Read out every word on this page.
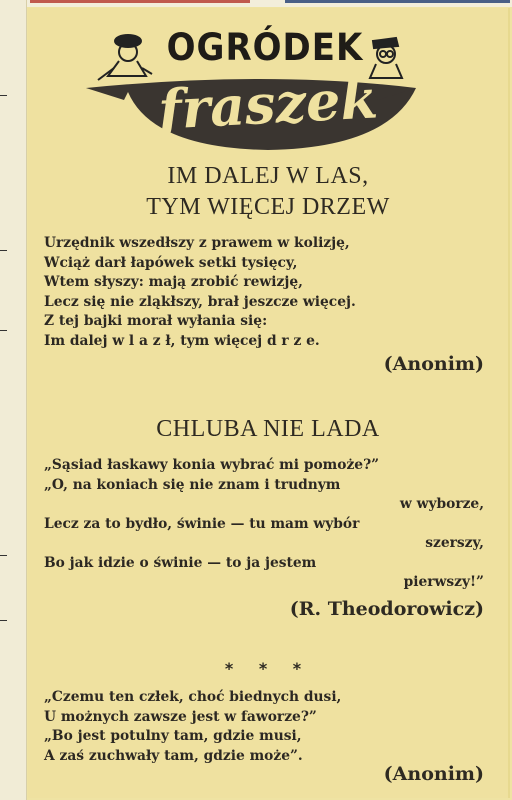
OGRÓDEK
fraszek
IM DALEJ W LAS,
TYM WIĘCEJ DRZEW
Urzędnik wszedłszy z prawem w kolizję,
Wciąż darł łapówek setki tysięcy,
Wtem słyszy: mają zrobić rewizję,
Lecz się nie zląkłszy, brał jeszcze więcej.
Z tej bajki morał wyłania się:
Im dalej w l a z ł, tym więcej d r z e.
(Anonim)
CHLUBA NIE LADA
„Sąsiad łaskawy konia wybrać mi pomoże?”
„O, na koniach się nie znam i trudnym
w wyborze,
Lecz za to bydło, świnie — tu mam wybór
szerszy,
Bo jak idzie o świnie — to ja jestem
pierwszy!”
(R. Theodorowicz)
* * *
„Czemu ten człek, choć biednych dusi,
U możnych zawsze jest w faworze?”
„Bo jest potulny tam, gdzie musi,
A zaś zuchwały tam, gdzie może”.
(Anonim)
